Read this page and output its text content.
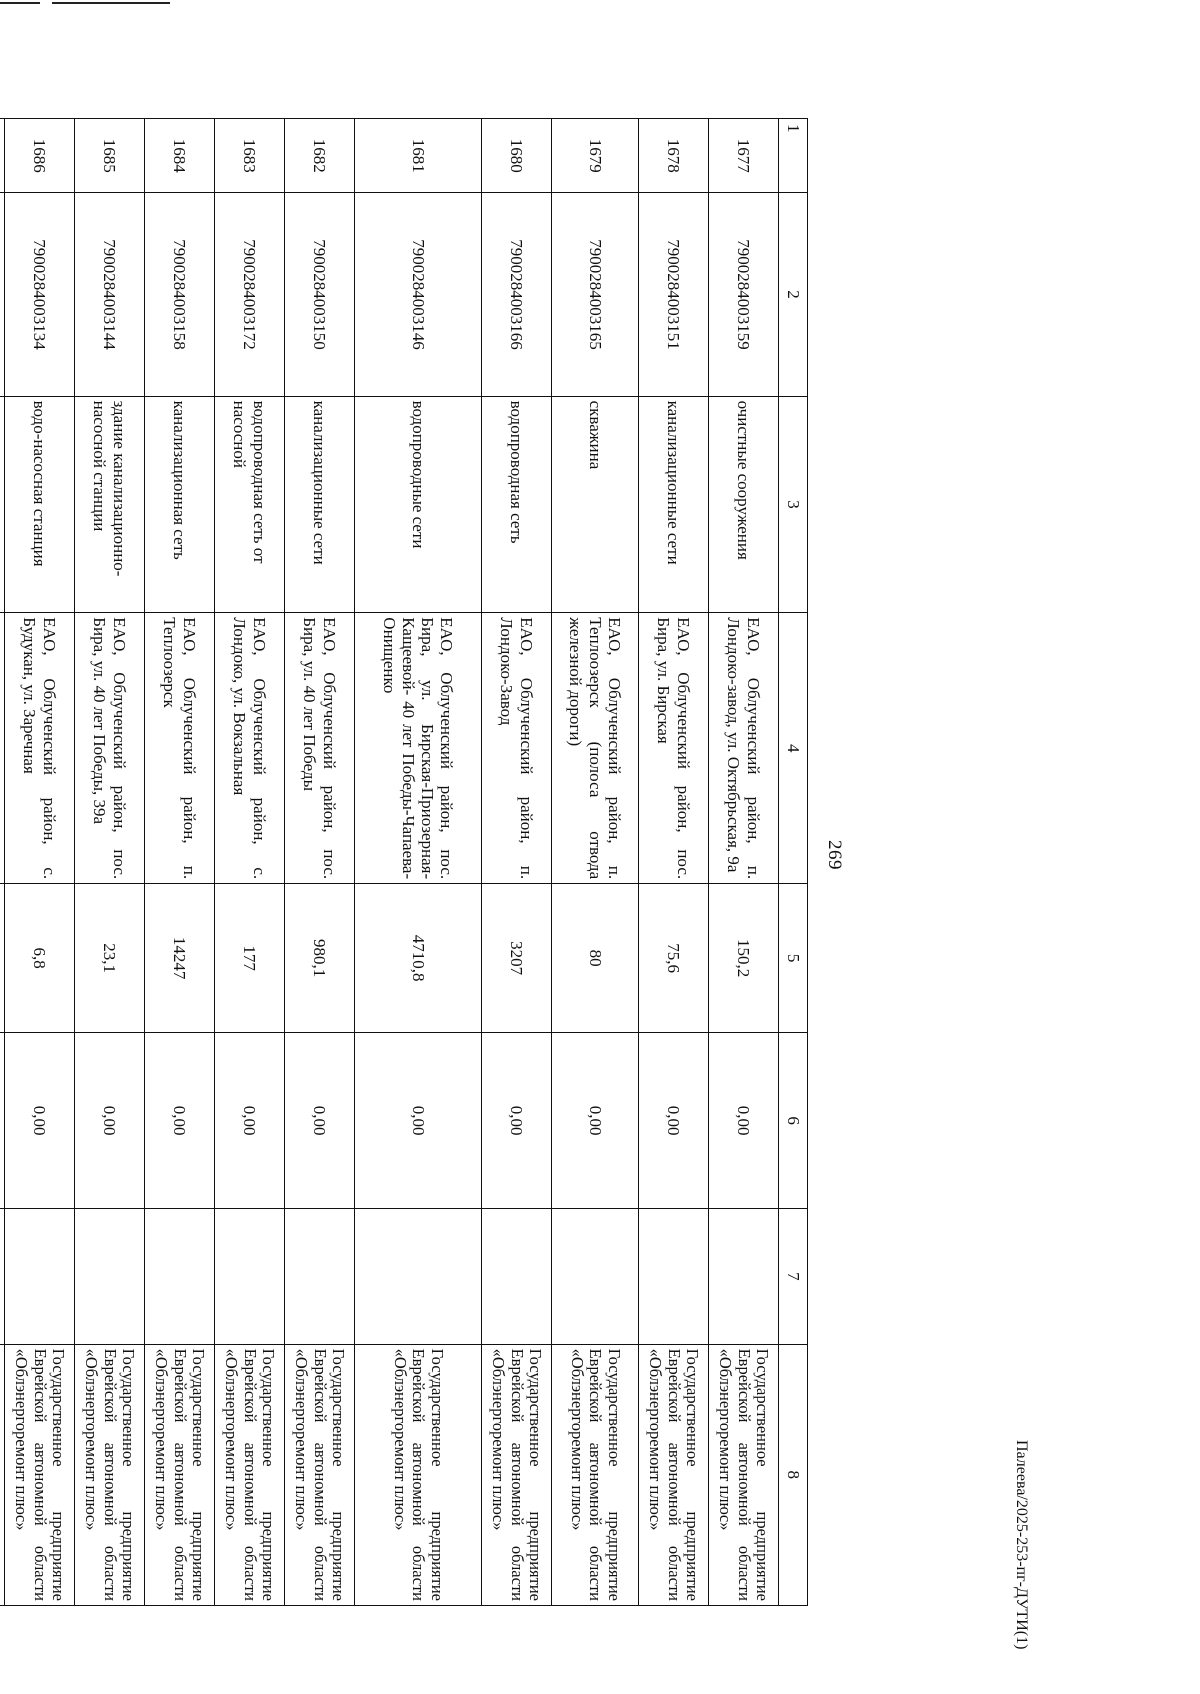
269
1	2	3	4	5	6	7	8
1677	7900284003159	очистные сооружения	ЕАО, Облученский район, п. Лондоко-завод, ул. Октябрьская, 9а	150,2	0,00		Государственное предприятие Еврейской автономной области «Облэнергоремонт плюс»
1678	7900284003151	канализационные сети	ЕАО, Облученский район, пос. Бира, ул. Бирская	75,6	0,00		Государственное предприятие Еврейской автономной области «Облэнергоремонт плюс»
1679	7900284003165	скважина	ЕАО, Облученский район, п. Теплоозерск (полоса отвода железной дороги)	80	0,00		Государственное предприятие Еврейской автономной области «Облэнергоремонт плюс»
1680	7900284003166	водопроводная сеть	ЕАО, Облученский район, п. Лондоко-Завод	3207	0,00		Государственное предприятие Еврейской автономной области «Облэнергоремонт плюс»
1681	7900284003146	водопроводные сети	ЕАО, Облученский район, пос. Бира, ул. Бирская-Приозерная-Кащеевой- 40 лет Победы-Чапаева-Онищенко	4710,8	0,00		Государственное предприятие Еврейской автономной области «Облэнергоремонт плюс»
1682	7900284003150	канализационные сети	ЕАО, Облученский район, пос. Бира, ул. 40 лет Победы	980,1	0,00		Государственное предприятие Еврейской автономной области «Облэнергоремонт плюс»
1683	7900284003172	водопроводная сеть от насосной	ЕАО, Облученский район, с. Лондоко, ул. Вокзальная	177	0,00		Государственное предприятие Еврейской автономной области «Облэнергоремонт плюс»
1684	7900284003158	канализационная сеть	ЕАО, Облученский район, п. Теплоозерск	14247	0,00		Государственное предприятие Еврейской автономной области «Облэнергоремонт плюс»
1685	7900284003144	здание канализационно-насосной станции	ЕАО, Облученский район, пос. Бира, ул. 40 лет Победы, 39а	23,1	0,00		Государственное предприятие Еврейской автономной области «Облэнергоремонт плюс»
1686	7900284003134	водо-насосная станция	ЕАО, Облученский район, с. Будукан, ул. Заречная	6,8	0,00		Государственное предприятие Еврейской автономной области «Облэнергоремонт плюс»

Палеева/2025-253-пг-ДУТИ(1)
